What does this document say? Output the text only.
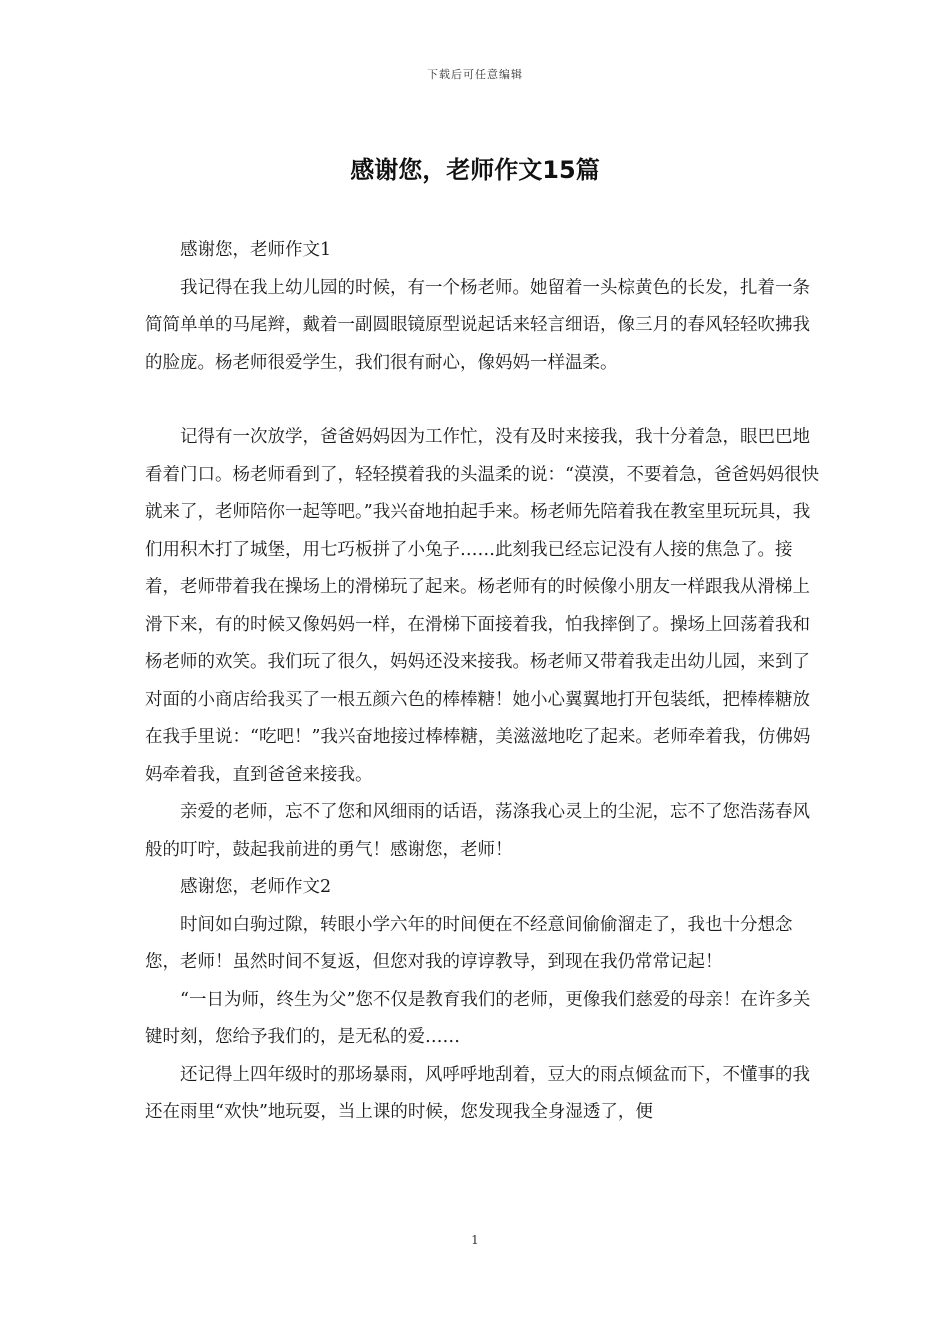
下载后可任意编辑
感谢您，老师作文15篇

感谢您，老师作文1

我记得在我上幼儿园的时候，有一个杨老师。她留着一头棕黄色的长发，扎着一条简简单单的马尾辫，戴着一副圆眼镜原型说起话来轻言细语，像三月的春风轻轻吹拂我的脸庞。杨老师很爱学生，我们很有耐心，像妈妈一样温柔。

记得有一次放学，爸爸妈妈因为工作忙，没有及时来接我，我十分着急，眼巴巴地看着门口。杨老师看到了，轻轻摸着我的头温柔的说：“漠漠，不要着急，爸爸妈妈很快就来了，老师陪你一起等吧。”我兴奋地拍起手来。杨老师先陪着我在教室里玩玩具，我们用积木打了城堡，用七巧板拼了小兔子……此刻我已经忘记没有人接的焦急了。接着，老师带着我在操场上的滑梯玩了起来。杨老师有的时候像小朋友一样跟我从滑梯上滑下来，有的时候又像妈妈一样，在滑梯下面接着我，怕我摔倒了。操场上回荡着我和杨老师的欢笑。我们玩了很久，妈妈还没来接我。杨老师又带着我走出幼儿园，来到了对面的小商店给我买了一根五颜六色的棒棒糖！她小心翼翼地打开包装纸，把棒棒糖放在我手里说：“吃吧！”我兴奋地接过棒棒糖，美滋滋地吃了起来。老师牵着我，仿佛妈妈牵着我，直到爸爸来接我。

亲爱的老师，忘不了您和风细雨的话语，荡涤我心灵上的尘泥，忘不了您浩荡春风般的叮咛，鼓起我前进的勇气！感谢您，老师！

感谢您，老师作文2

时间如白驹过隙，转眼小学六年的时间便在不经意间偷偷溜走了，我也十分想念您，老师！虽然时间不复返，但您对我的谆谆教导，到现在我仍常常记起！

“一日为师，终生为父”您不仅是教育我们的老师，更像我们慈爱的母亲！在许多关键时刻，您给予我们的，是无私的爱……

还记得上四年级时的那场暴雨，风呼呼地刮着，豆大的雨点倾盆而下，不懂事的我还在雨里“欢快”地玩耍，当上课的时候，您发现我全身湿透了，便

1
